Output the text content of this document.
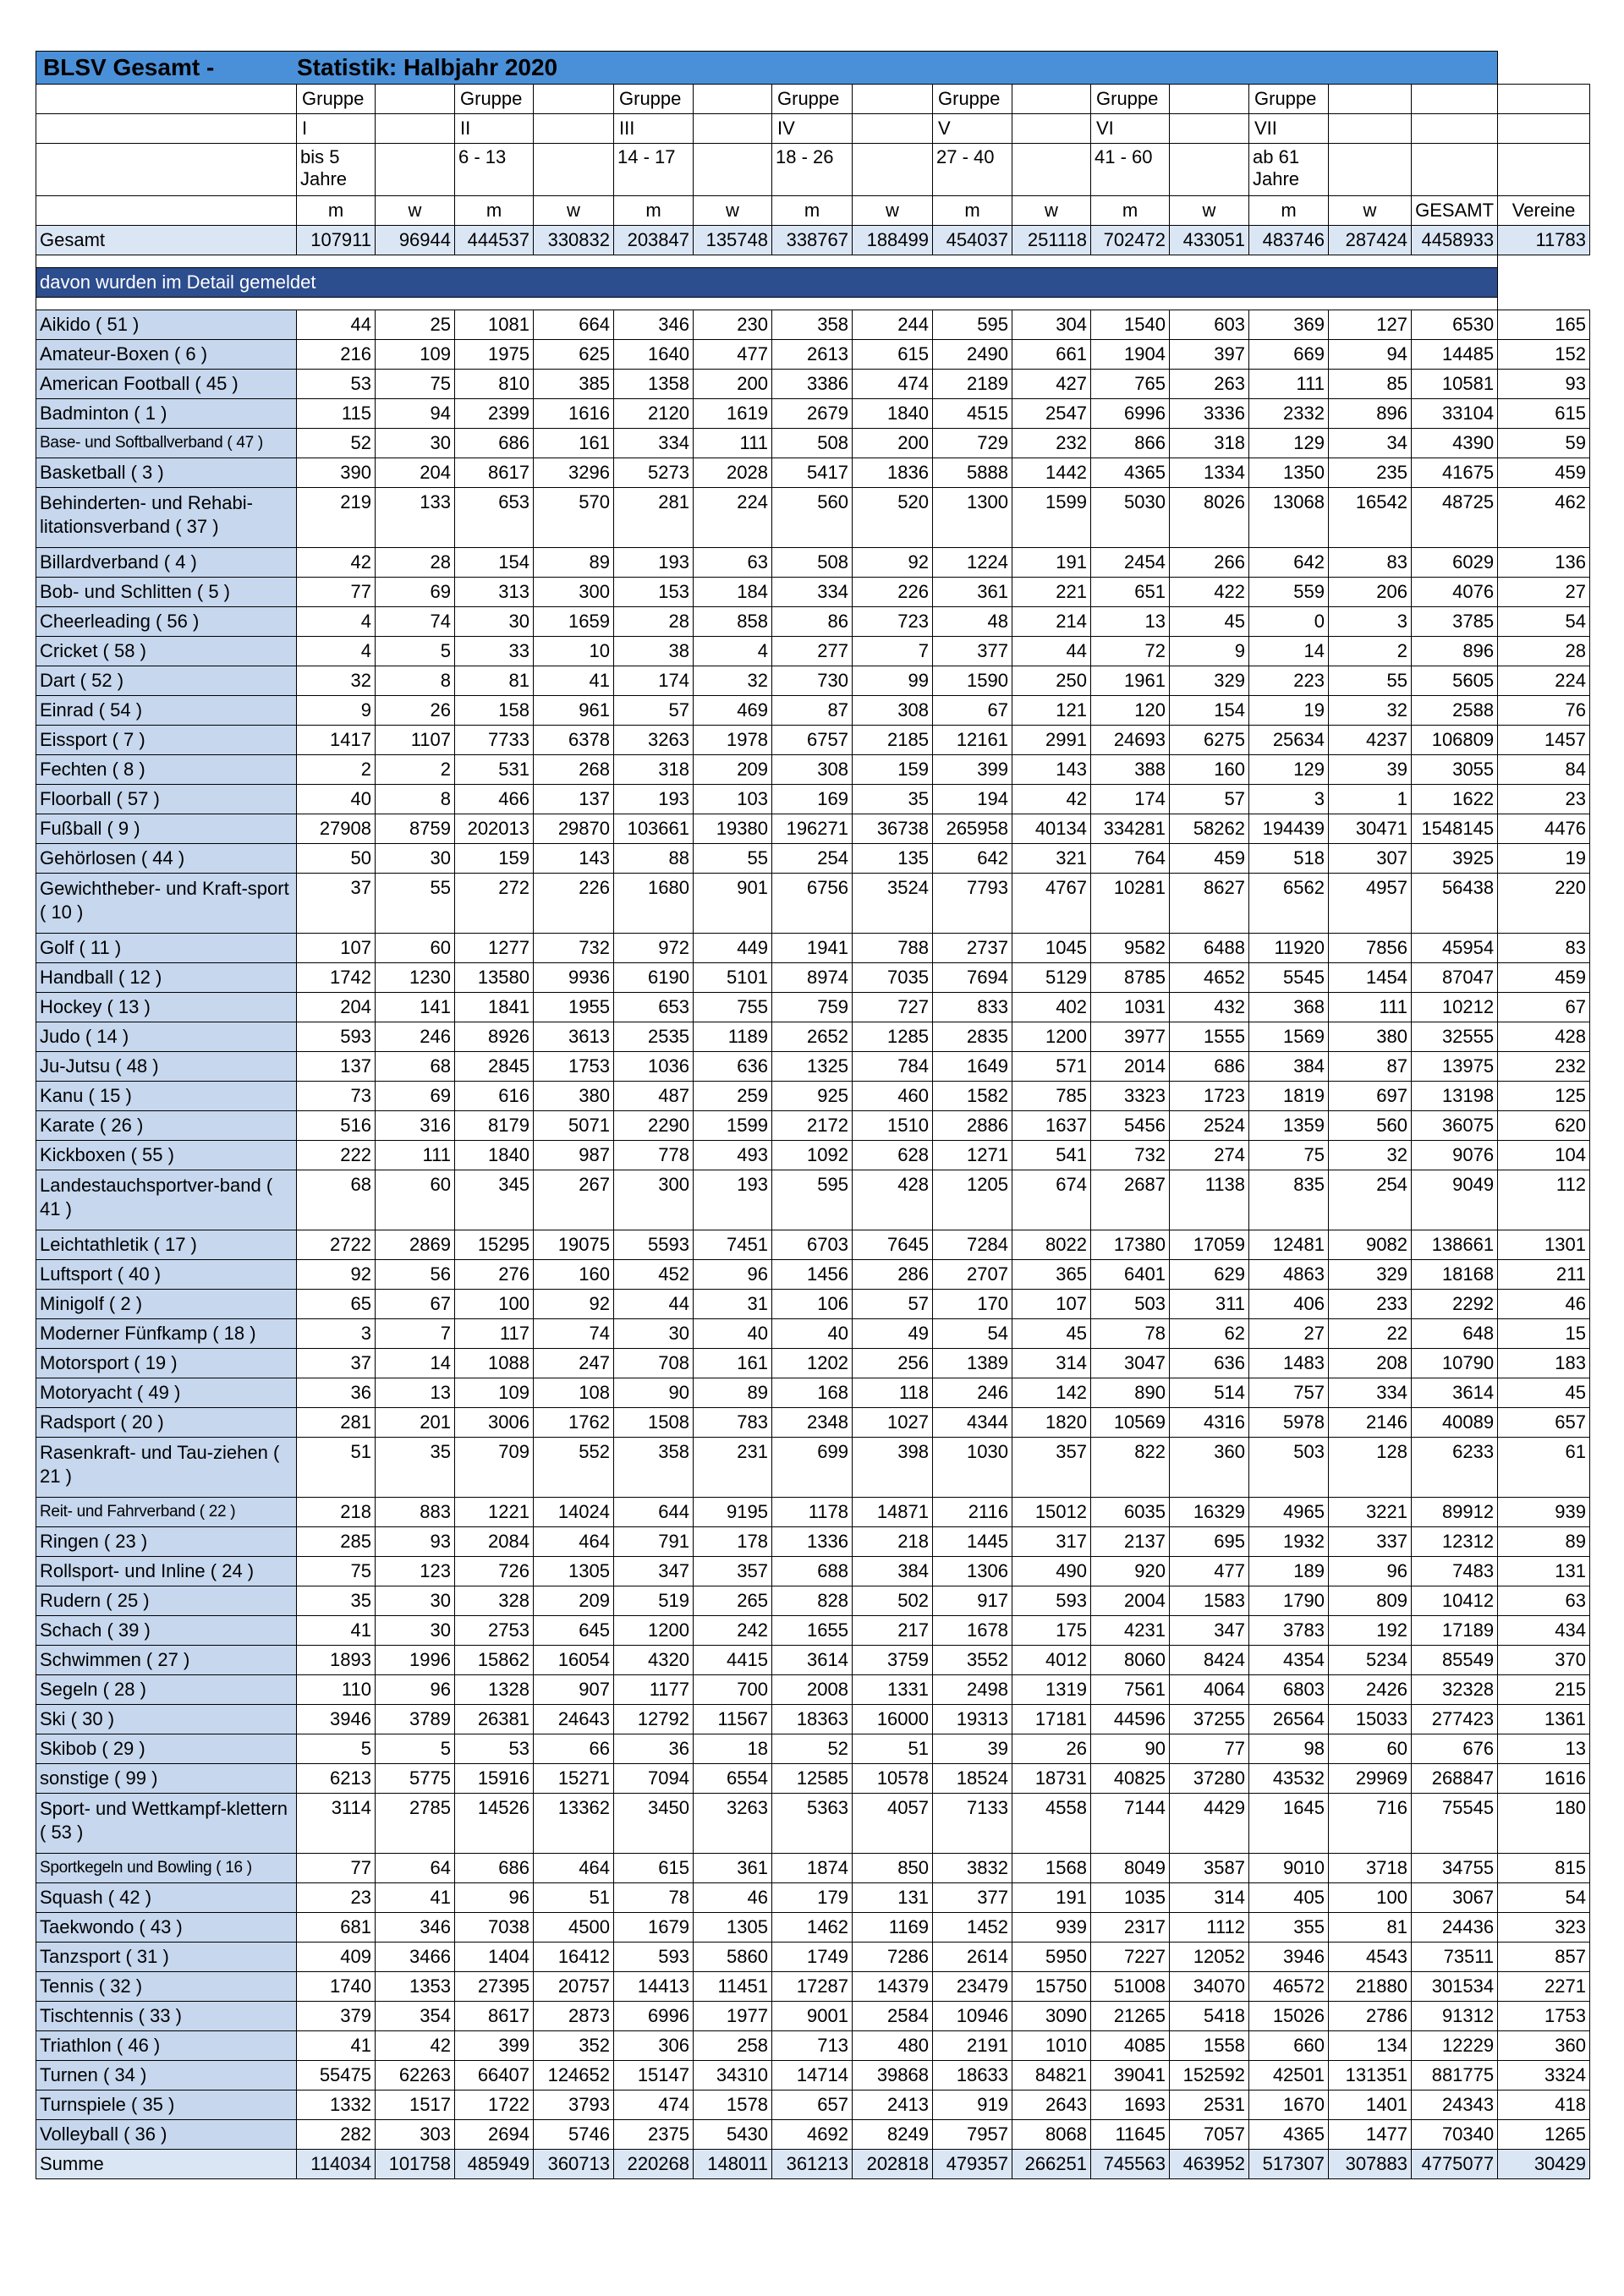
BLSV Gesamt - Statistik: Halbjahr 2020																
	Gruppe		Gruppe		Gruppe		Gruppe		Gruppe		Gruppe		Gruppe			
	I		II		III		IV		V		VI		VII			
	bis 5 Jahre		6 - 13		14 - 17		18 - 26		27 - 40		41 - 60		ab 61 Jahre			
	m	w	m	w	m	w	m	w	m	w	m	w	m	w	GESAMT	Vereine
Gesamt	107911	96944	444537	330832	203847	135748	338767	188499	454037	251118	702472	433051	483746	287424	4458933	11783

davon wurden im Detail gemeldet																

Aikido ( 51 )	44	25	1081	664	346	230	358	244	595	304	1540	603	369	127	6530	165
Amateur-Boxen ( 6 )	216	109	1975	625	1640	477	2613	615	2490	661	1904	397	669	94	14485	152
American Football ( 45 )	53	75	810	385	1358	200	3386	474	2189	427	765	263	111	85	10581	93
Badminton ( 1 )	115	94	2399	1616	2120	1619	2679	1840	4515	2547	6996	3336	2332	896	33104	615
Base- und Softballverband ( 47 )	52	30	686	161	334	111	508	200	729	232	866	318	129	34	4390	59
Basketball ( 3 )	390	204	8617	3296	5273	2028	5417	1836	5888	1442	4365	1334	1350	235	41675	459
Behinderten- und Rehabi-litationsverband ( 37 )	219	133	653	570	281	224	560	520	1300	1599	5030	8026	13068	16542	48725	462
Billardverband ( 4 )	42	28	154	89	193	63	508	92	1224	191	2454	266	642	83	6029	136
Bob- und Schlitten ( 5 )	77	69	313	300	153	184	334	226	361	221	651	422	559	206	4076	27
Cheerleading ( 56 )	4	74	30	1659	28	858	86	723	48	214	13	45	0	3	3785	54
Cricket ( 58 )	4	5	33	10	38	4	277	7	377	44	72	9	14	2	896	28
Dart ( 52 )	32	8	81	41	174	32	730	99	1590	250	1961	329	223	55	5605	224
Einrad ( 54 )	9	26	158	961	57	469	87	308	67	121	120	154	19	32	2588	76
Eissport ( 7 )	1417	1107	7733	6378	3263	1978	6757	2185	12161	2991	24693	6275	25634	4237	106809	1457
Fechten ( 8 )	2	2	531	268	318	209	308	159	399	143	388	160	129	39	3055	84
Floorball ( 57 )	40	8	466	137	193	103	169	35	194	42	174	57	3	1	1622	23
Fußball ( 9 )	27908	8759	202013	29870	103661	19380	196271	36738	265958	40134	334281	58262	194439	30471	1548145	4476
Gehörlosen ( 44 )	50	30	159	143	88	55	254	135	642	321	764	459	518	307	3925	19
Gewichtheber- und Kraft-sport ( 10 )	37	55	272	226	1680	901	6756	3524	7793	4767	10281	8627	6562	4957	56438	220
Golf ( 11 )	107	60	1277	732	972	449	1941	788	2737	1045	9582	6488	11920	7856	45954	83
Handball ( 12 )	1742	1230	13580	9936	6190	5101	8974	7035	7694	5129	8785	4652	5545	1454	87047	459
Hockey ( 13 )	204	141	1841	1955	653	755	759	727	833	402	1031	432	368	111	10212	67
Judo ( 14 )	593	246	8926	3613	2535	1189	2652	1285	2835	1200	3977	1555	1569	380	32555	428
Ju-Jutsu ( 48 )	137	68	2845	1753	1036	636	1325	784	1649	571	2014	686	384	87	13975	232
Kanu ( 15 )	73	69	616	380	487	259	925	460	1582	785	3323	1723	1819	697	13198	125
Karate ( 26 )	516	316	8179	5071	2290	1599	2172	1510	2886	1637	5456	2524	1359	560	36075	620
Kickboxen ( 55 )	222	111	1840	987	778	493	1092	628	1271	541	732	274	75	32	9076	104
Landestauchsportver-band ( 41 )	68	60	345	267	300	193	595	428	1205	674	2687	1138	835	254	9049	112
Leichtathletik ( 17 )	2722	2869	15295	19075	5593	7451	6703	7645	7284	8022	17380	17059	12481	9082	138661	1301
Luftsport ( 40 )	92	56	276	160	452	96	1456	286	2707	365	6401	629	4863	329	18168	211
Minigolf ( 2 )	65	67	100	92	44	31	106	57	170	107	503	311	406	233	2292	46
Moderner Fünfkamp ( 18 )	3	7	117	74	30	40	40	49	54	45	78	62	27	22	648	15
Motorsport ( 19 )	37	14	1088	247	708	161	1202	256	1389	314	3047	636	1483	208	10790	183
Motoryacht ( 49 )	36	13	109	108	90	89	168	118	246	142	890	514	757	334	3614	45
Radsport ( 20 )	281	201	3006	1762	1508	783	2348	1027	4344	1820	10569	4316	5978	2146	40089	657
Rasenkraft- und Tau-ziehen ( 21 )	51	35	709	552	358	231	699	398	1030	357	822	360	503	128	6233	61
Reit- und Fahrverband ( 22 )	218	883	1221	14024	644	9195	1178	14871	2116	15012	6035	16329	4965	3221	89912	939
Ringen ( 23 )	285	93	2084	464	791	178	1336	218	1445	317	2137	695	1932	337	12312	89
Rollsport- und Inline ( 24 )	75	123	726	1305	347	357	688	384	1306	490	920	477	189	96	7483	131
Rudern ( 25 )	35	30	328	209	519	265	828	502	917	593	2004	1583	1790	809	10412	63
Schach ( 39 )	41	30	2753	645	1200	242	1655	217	1678	175	4231	347	3783	192	17189	434
Schwimmen ( 27 )	1893	1996	15862	16054	4320	4415	3614	3759	3552	4012	8060	8424	4354	5234	85549	370
Segeln ( 28 )	110	96	1328	907	1177	700	2008	1331	2498	1319	7561	4064	6803	2426	32328	215
Ski ( 30 )	3946	3789	26381	24643	12792	11567	18363	16000	19313	17181	44596	37255	26564	15033	277423	1361
Skibob ( 29 )	5	5	53	66	36	18	52	51	39	26	90	77	98	60	676	13
sonstige ( 99 )	6213	5775	15916	15271	7094	6554	12585	10578	18524	18731	40825	37280	43532	29969	268847	1616
Sport- und Wettkampf-klettern ( 53 )	3114	2785	14526	13362	3450	3263	5363	4057	7133	4558	7144	4429	1645	716	75545	180
Sportkegeln und Bowling ( 16 )	77	64	686	464	615	361	1874	850	3832	1568	8049	3587	9010	3718	34755	815
Squash ( 42 )	23	41	96	51	78	46	179	131	377	191	1035	314	405	100	3067	54
Taekwondo ( 43 )	681	346	7038	4500	1679	1305	1462	1169	1452	939	2317	1112	355	81	24436	323
Tanzsport ( 31 )	409	3466	1404	16412	593	5860	1749	7286	2614	5950	7227	12052	3946	4543	73511	857
Tennis ( 32 )	1740	1353	27395	20757	14413	11451	17287	14379	23479	15750	51008	34070	46572	21880	301534	2271
Tischtennis ( 33 )	379	354	8617	2873	6996	1977	9001	2584	10946	3090	21265	5418	15026	2786	91312	1753
Triathlon ( 46 )	41	42	399	352	306	258	713	480	2191	1010	4085	1558	660	134	12229	360
Turnen ( 34 )	55475	62263	66407	124652	15147	34310	14714	39868	18633	84821	39041	152592	42501	131351	881775	3324
Turnspiele ( 35 )	1332	1517	1722	3793	474	1578	657	2413	919	2643	1693	2531	1670	1401	24343	418
Volleyball ( 36 )	282	303	2694	5746	2375	5430	4692	8249	7957	8068	11645	7057	4365	1477	70340	1265
Summe	114034	101758	485949	360713	220268	148011	361213	202818	479357	266251	745563	463952	517307	307883	4775077	30429
